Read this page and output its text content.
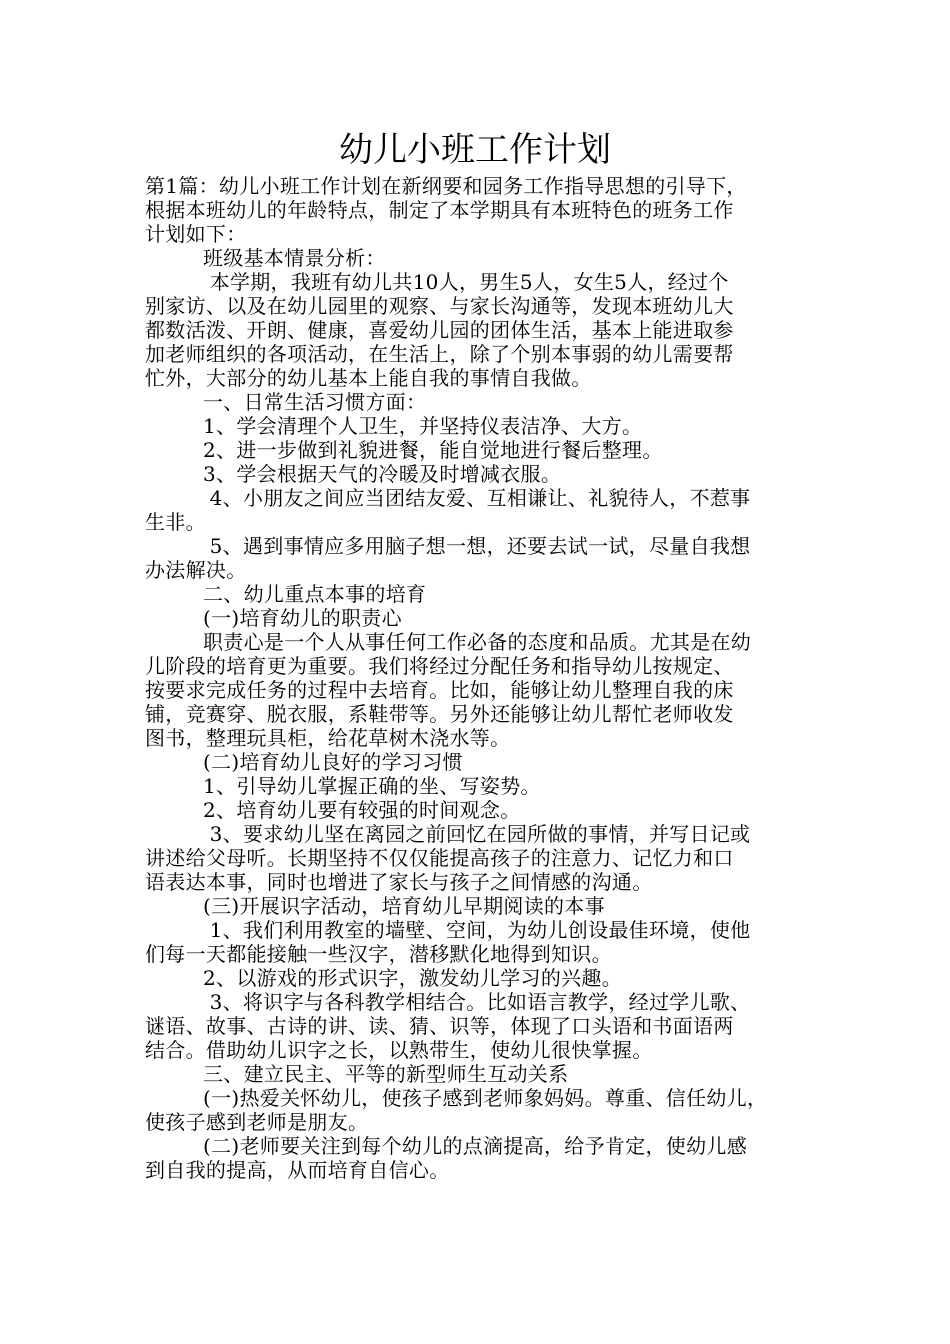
幼儿小班工作计划
第1篇：幼儿小班工作计划在新纲要和园务工作指导思想的引导下，
根据本班幼儿的年龄特点，制定了本学期具有本班特色的班务工作
计划如下：
班级基本情景分析：
本学期，我班有幼儿共10人，男生5人，女生5人，经过个
别家访、以及在幼儿园里的观察、与家长沟通等，发现本班幼儿大
都数活泼、开朗、健康，喜爱幼儿园的团体生活，基本上能进取参
加老师组织的各项活动，在生活上，除了个别本事弱的幼儿需要帮
忙外，大部分的幼儿基本上能自我的事情自我做。
一、日常生活习惯方面：
1、学会清理个人卫生，并坚持仪表洁净、大方。
2、进一步做到礼貌进餐，能自觉地进行餐后整理。
3、学会根据天气的冷暖及时增减衣服。
4、小朋友之间应当团结友爱、互相谦让、礼貌待人，不惹事
生非。
5、遇到事情应多用脑子想一想，还要去试一试，尽量自我想
办法解决。
二、幼儿重点本事的培育
(一)培育幼儿的职责心
职责心是一个人从事任何工作必备的态度和品质。尤其是在幼
儿阶段的培育更为重要。我们将经过分配任务和指导幼儿按规定、
按要求完成任务的过程中去培育。比如，能够让幼儿整理自我的床
铺，竞赛穿、脱衣服，系鞋带等。另外还能够让幼儿帮忙老师收发
图书，整理玩具柜，给花草树木浇水等。
(二)培育幼儿良好的学习习惯
1、引导幼儿掌握正确的坐、写姿势。
2、培育幼儿要有较强的时间观念。
3、要求幼儿坚在离园之前回忆在园所做的事情，并写日记或
讲述给父母听。长期坚持不仅仅能提高孩子的注意力、记忆力和口
语表达本事，同时也增进了家长与孩子之间情感的沟通。
(三)开展识字活动，培育幼儿早期阅读的本事
1、我们利用教室的墙壁、空间，为幼儿创设最佳环境，使他
们每一天都能接触一些汉字，潜移默化地得到知识。
2、以游戏的形式识字，激发幼儿学习的兴趣。
3、将识字与各科教学相结合。比如语言教学，经过学儿歌、
谜语、故事、古诗的讲、读、猜、识等，体现了口头语和书面语两
结合。借助幼儿识字之长，以熟带生，使幼儿很快掌握。
三、建立民主、平等的新型师生互动关系
(一)热爱关怀幼儿，使孩子感到老师象妈妈。尊重、信任幼儿，
使孩子感到老师是朋友。
(二)老师要关注到每个幼儿的点滴提高，给予肯定，使幼儿感
到自我的提高，从而培育自信心。
